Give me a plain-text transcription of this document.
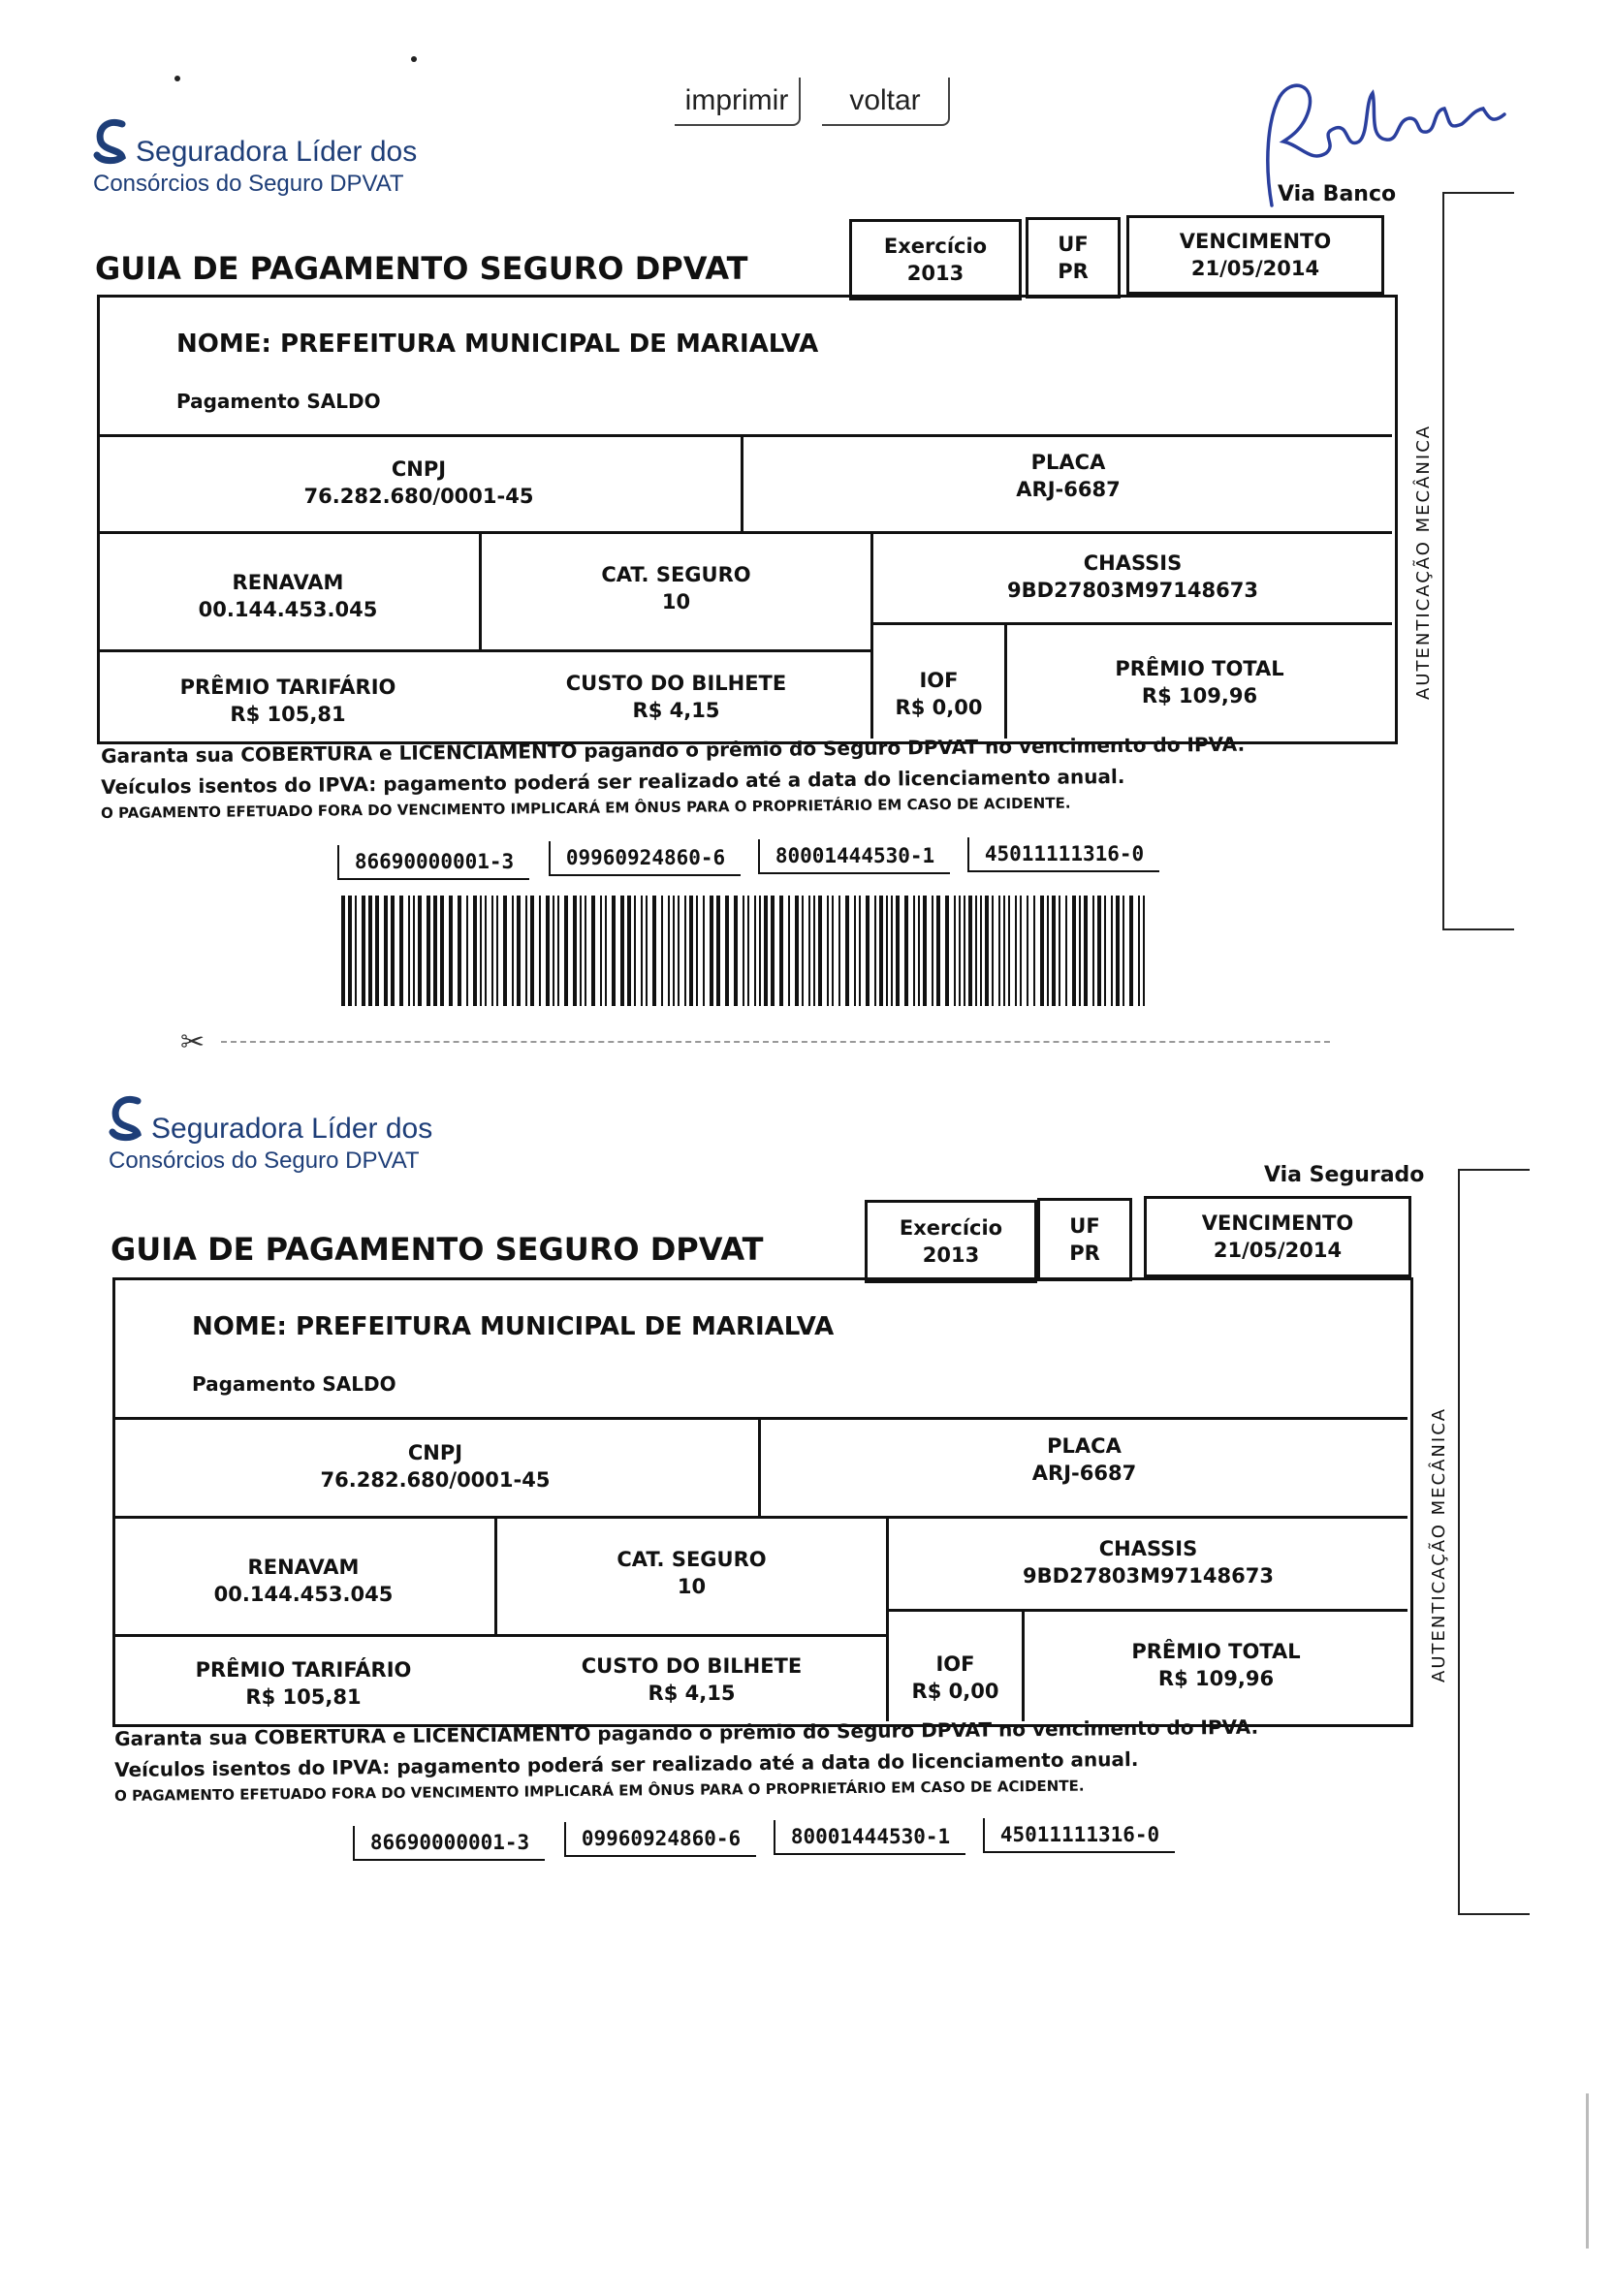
imprimir	voltar
Seguradora Líder dos
Consórcios do Seguro DPVAT	Via Banco
GUIA DE PAGAMENTO SEGURO DPVAT
Exercício
2013
UF
PR
VENCIMENTO
21/05/2014
NOME: PREFEITURA MUNICIPAL DE MARIALVA
Pagamento SALDO
CNPJ
76.282.680/0001-45
PLACA
ARJ-6687
RENAVAM
00.144.453.045
CAT. SEGURO
10
CHASSIS
9BD27803M97148673
PRÊMIO TARIFÁRIO
R$ 105,81
CUSTO DO BILHETE
R$ 4,15
IOF
R$ 0,00
PRÊMIO TOTAL
R$ 109,96
Garanta sua COBERTURA e LICENCIAMENTO pagando o prêmio do Seguro DPVAT no vencimento do IPVA.
Veículos isentos do IPVA: pagamento poderá ser realizado até a data do licenciamento anual.
O PAGAMENTO EFETUADO FORA DO VENCIMENTO IMPLICARÁ EM ÔNUS PARA O PROPRIETÁRIO EM CASO DE ACIDENTE.
86690000001-3	09960924860-6	80001444530-1	45011111316-0
AUTENTICAÇÃO MECÂNICA
✂
Seguradora Líder dos
Consórcios do Seguro DPVAT
Via Segurado
GUIA DE PAGAMENTO SEGURO DPVAT
Exercício
2013
UF
PR
VENCIMENTO
21/05/2014
NOME: PREFEITURA MUNICIPAL DE MARIALVA
Pagamento SALDO
CNPJ
76.282.680/0001-45
PLACA
ARJ-6687
RENAVAM
00.144.453.045
CAT. SEGURO
10
CHASSIS
9BD27803M97148673
PRÊMIO TARIFÁRIO
R$ 105,81
CUSTO DO BILHETE
R$ 4,15
IOF
R$ 0,00
PRÊMIO TOTAL
R$ 109,96
Garanta sua COBERTURA e LICENCIAMENTO pagando o prêmio do Seguro DPVAT no vencimento do IPVA.
Veículos isentos do IPVA: pagamento poderá ser realizado até a data do licenciamento anual.
O PAGAMENTO EFETUADO FORA DO VENCIMENTO IMPLICARÁ EM ÔNUS PARA O PROPRIETÁRIO EM CASO DE ACIDENTE.
86690000001-3	09960924860-6	80001444530-1	45011111316-0
AUTENTICAÇÃO MECÂNICA
